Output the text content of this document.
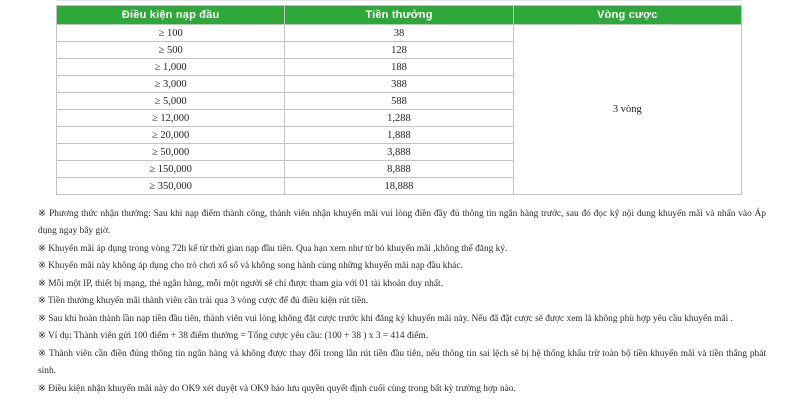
Điều kiện nạp đầu	Tiền thưởng	Vòng cược
≥ 100	38	3 vòng
≥ 500	128	
≥ 1,000	188	
≥ 3,000	388	
≥ 5,000	588	
≥ 12,000	1,288	
≥ 20,000	1,888	
≥ 50,000	3,888	
≥ 150,000	8,888	
≥ 350,000	18,888	

※ Phương thức nhận thưởng: Sau khi nạp điểm thành công, thành viên nhận khuyến mãi vui lòng điền đầy đủ thông tin ngân hàng trước, sau đó đọc kỹ nội dung khuyến mãi và nhấn vào Áp dụng ngay bây giờ.

※ Khuyến mãi áp dụng trong vòng 72h kể từ thời gian nạp đầu tiên. Qua hạn xem như từ bỏ khuyến mãi ,không thể đăng ký.

※ Khuyến mãi này không áp dụng cho trò chơi xổ số và không song hành cùng những khuyến mãi nạp đầu khác.

※ Mỗi một IP, thiết bị mạng, thẻ ngân hàng, mỗi một người sẽ chỉ được tham gia với 01 tài khoản duy nhất.

※ Tiền thưởng khuyến mãi thành viên cần trải qua 3 vòng cược để đủ điều kiện rút tiền.

※ Sau khi hoàn thành lần nạp tiền đầu tiên, thành viên vui lòng không đặt cược trước khi đăng ký khuyến mãi này. Nếu đã đặt cược sẽ được xem là không phù hợp yêu cầu khuyến mãi .

※ Ví dụ: Thành viên gửi 100 điểm + 38 điểm thưởng = Tổng cược yêu cầu: (100 + 38 ) x 3 = 414 điểm.

※ Thành viên cần điền đúng thông tin ngân hàng và không được thay đổi trong lần rút tiền đầu tiên, nếu thông tin sai lệch sẽ bị hệ thống khấu trừ toàn bộ tiền khuyến mãi và tiền thắng phát sinh.

※ Điều kiện nhận khuyến mãi này do OK9 xét duyệt và OK9 bảo lưu quyền quyết định cuối cùng trong bất kỳ trường hợp nào.
